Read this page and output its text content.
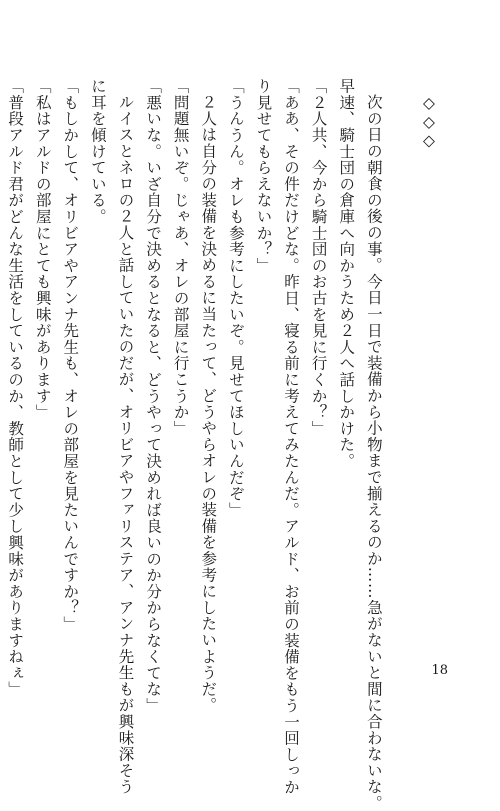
◇◇◇
次の日の朝食の後の事。今日一日で装備から小物まで揃えるのか……急がないと間に合わないな。
早速、騎士団の倉庫へ向かうため２人へ話しかけた。
「２人共、今から騎士団のお古を見に行くか？」
「ああ、その件だけどな。昨日、寝る前に考えてみたんだ。アルド、お前の装備をもう一回しっか
り見せてもらえないか？」
「うんうん。オレも参考にしたいぞ。見せてほしいんだぞ」
２人は自分の装備を決めるに当たって、どうやらオレの装備を参考にしたいようだ。
「問題無いぞ。じゃあ、オレの部屋に行こうか」
「悪いな。いざ自分で決めるとなると、どうやって決めれば良いのか分からなくてな」
ルイスとネロの２人と話していたのだが、オリビアやファリステア、アンナ先生もが興味深そう
に耳を傾けている。
「もしかして、オリビアやアンナ先生も、オレの部屋を見たいんですか？」
「私はアルドの部屋にとても興味があります」
「普段アルド君がどんな生活をしているのか、教師として少し興味がありますねぇ」	18
